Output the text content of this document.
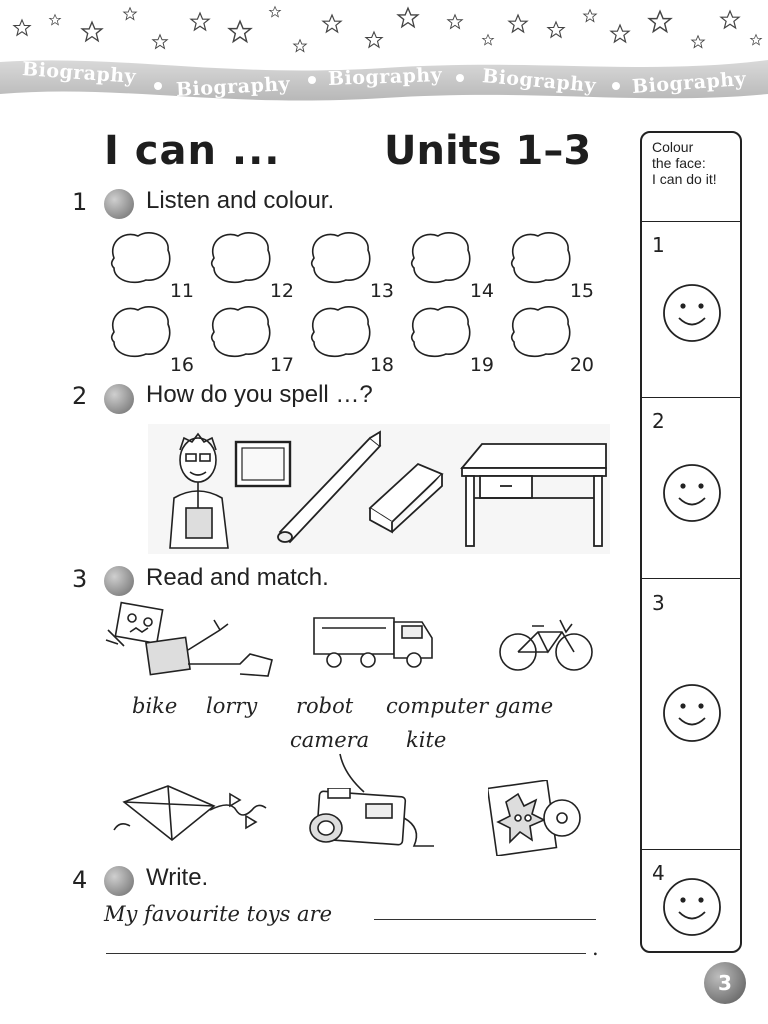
Biography Biography Biography Biography Biography
I can ...	Units 1–3
1 Listen and colour.
11	12	13	14	15
16	17	18	19	20
2 How do you spell …?
3 Read and match.
bike lorry robot computer game
camera kite
4 Write.
My favourite toys are
.
Colour
the face:
I can do it!
1
2
3
4
3
